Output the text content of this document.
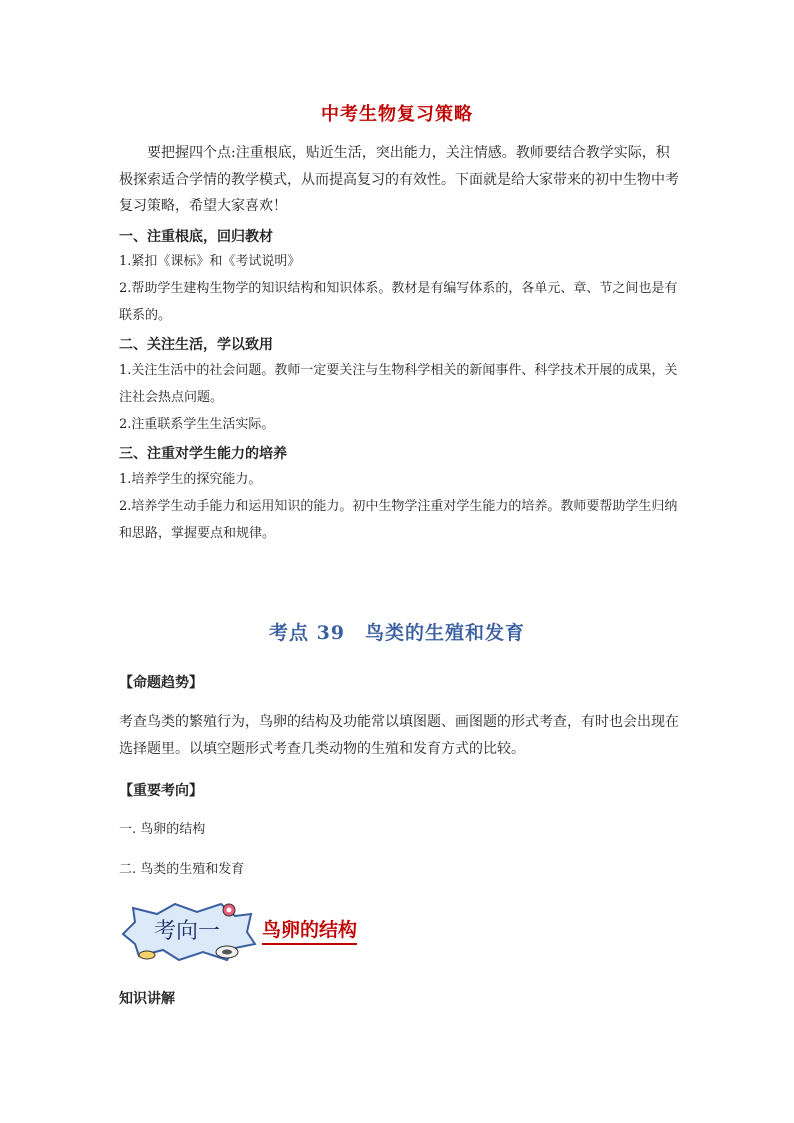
中考生物复习策略
要把握四个点:注重根底，贴近生活，突出能力，关注情感。教师要结合教学实际，积极探索适合学情的教学模式，从而提高复习的有效性。下面就是给大家带来的初中生物中考复习策略，希望大家喜欢！
一、注重根底，回归教材
1.紧扣《课标》和《考试说明》
2.帮助学生建构生物学的知识结构和知识体系。教材是有编写体系的，各单元、章、节之间也是有联系的。
二、关注生活，学以致用
1.关注生活中的社会问题。教师一定要关注与生物科学相关的新闻事件、科学技术开展的成果，关注社会热点问题。
2.注重联系学生生活实际。
三、注重对学生能力的培养
1.培养学生的探究能力。
2.培养学生动手能力和运用知识的能力。初中生物学注重对学生能力的培养。教师要帮助学生归纳和思路，掌握要点和规律。
考点 39　鸟类的生殖和发育
【命题趋势】
考查鸟类的繁殖行为，鸟卵的结构及功能常以填图题、画图题的形式考查，有时也会出现在选择题里。以填空题形式考查几类动物的生殖和发育方式的比较。
【重要考向】
一. 鸟卵的结构
二. 鸟类的生殖和发育
考向一 鸟卵的结构
知识讲解
